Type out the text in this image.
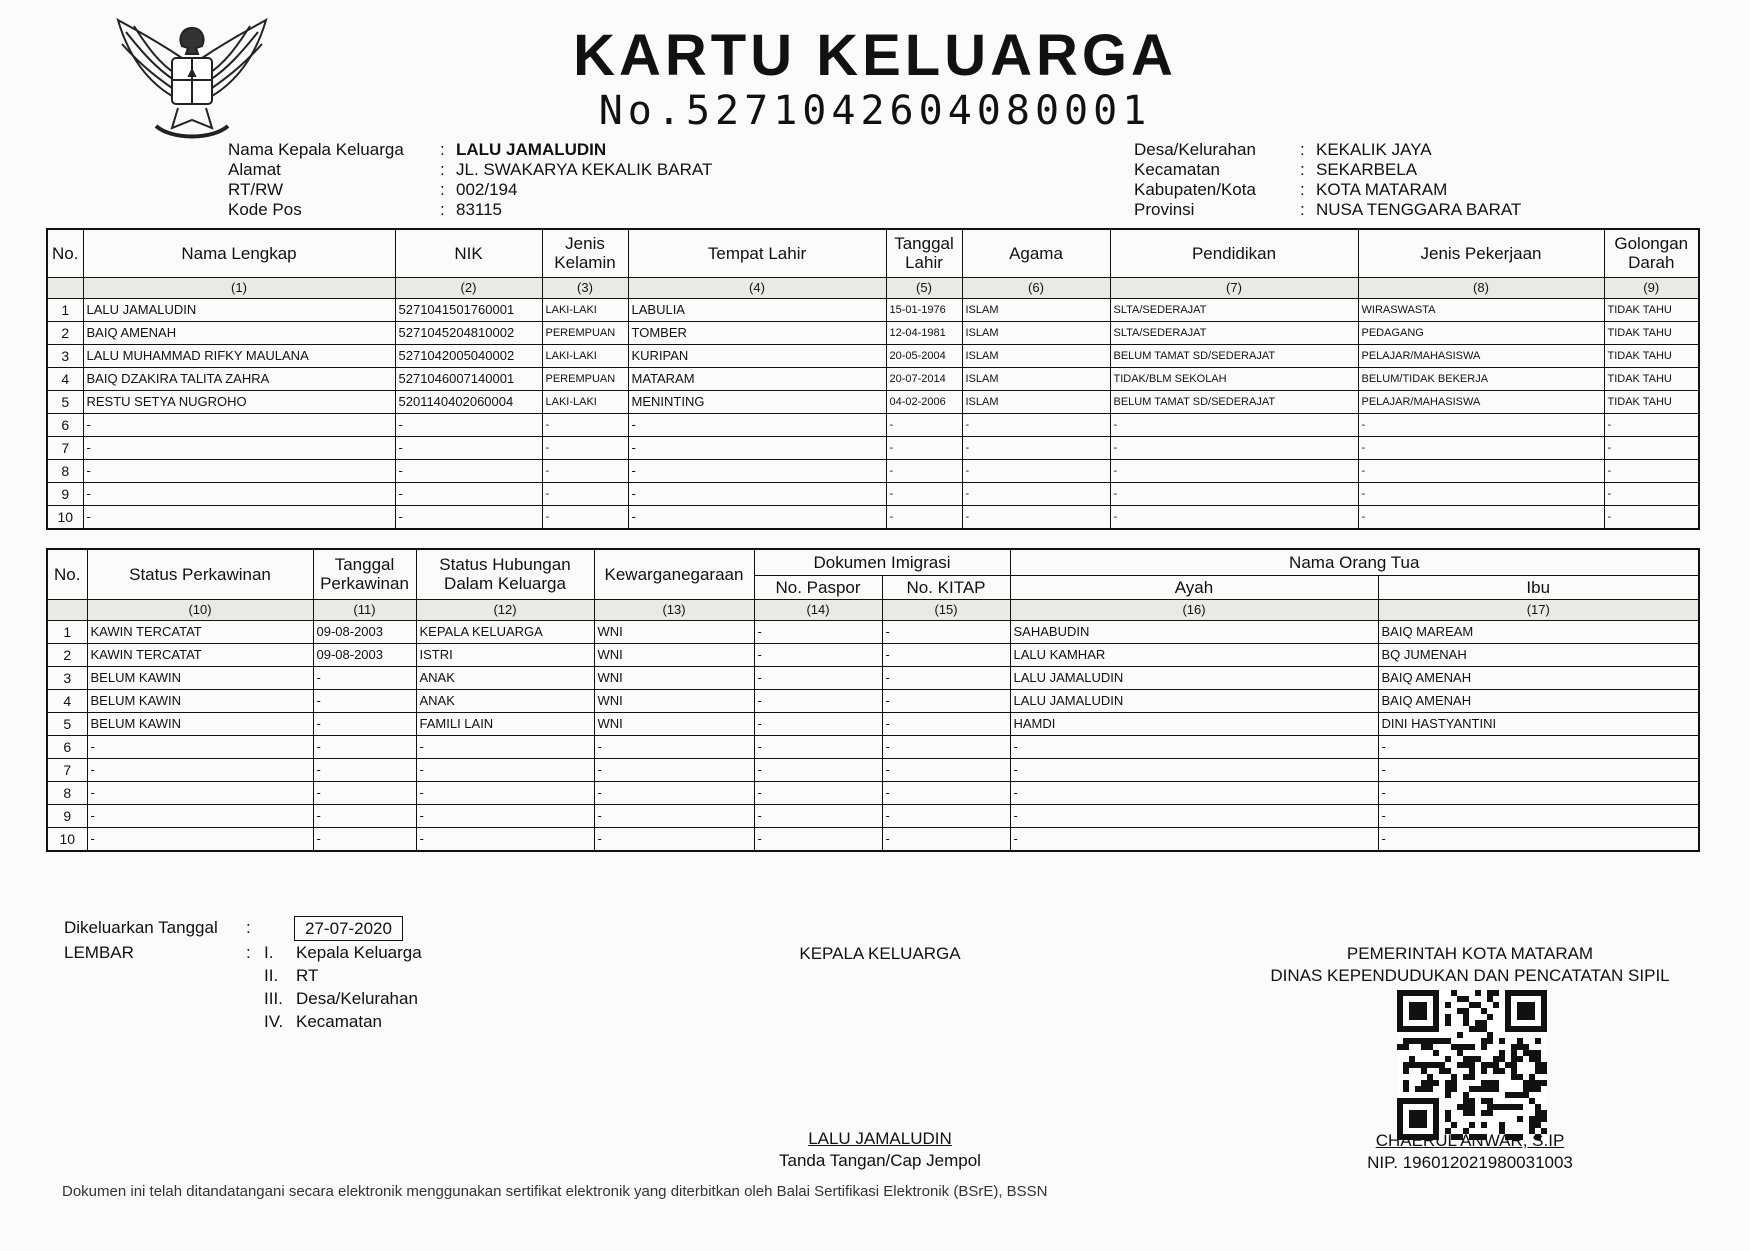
KARTU KELUARGA
No.5271042604080001
Nama Kepala Keluarga	: LALU JAMALUDIN
Alamat	: JL. SWAKARYA KEKALIK BARAT
RT/RW	: 002/194
Kode Pos	: 83115
Desa/Kelurahan	: KEKALIK JAYA
Kecamatan	: SEKARBELA
Kabupaten/Kota	: KOTA MATARAM
Provinsi	: NUSA TENGGARA BARAT
No.	Nama Lengkap	NIK	Jenis Kelamin	Tempat Lahir	Tanggal Lahir	Agama	Pendidikan	Jenis Pekerjaan	Golongan Darah
	(1)	(2)	(3)	(4)	(5)	(6)	(7)	(8)	(9)
1	LALU JAMALUDIN	5271041501760001	LAKI-LAKI	LABULIA	15-01-1976	ISLAM	SLTA/SEDERAJAT	WIRASWASTA	TIDAK TAHU
2	BAIQ AMENAH	5271045204810002	PEREMPUAN	TOMBER	12-04-1981	ISLAM	SLTA/SEDERAJAT	PEDAGANG	TIDAK TAHU
3	LALU MUHAMMAD RIFKY MAULANA	5271042005040002	LAKI-LAKI	KURIPAN	20-05-2004	ISLAM	BELUM TAMAT SD/SEDERAJAT	PELAJAR/MAHASISWA	TIDAK TAHU
4	BAIQ DZAKIRA TALITA ZAHRA	5271046007140001	PEREMPUAN	MATARAM	20-07-2014	ISLAM	TIDAK/BLM SEKOLAH	BELUM/TIDAK BEKERJA	TIDAK TAHU
5	RESTU SETYA NUGROHO	5201140402060004	LAKI-LAKI	MENINTING	04-02-2006	ISLAM	BELUM TAMAT SD/SEDERAJAT	PELAJAR/MAHASISWA	TIDAK TAHU
6	-	-	-	-	-	-	-	-	-
7	-	-	-	-	-	-	-	-	-
8	-	-	-	-	-	-	-	-	-
9	-	-	-	-	-	-	-	-	-
10	-	-	-	-	-	-	-	-	-
No.	Status Perkawinan	Tanggal Perkawinan	Status Hubungan Dalam Keluarga	Kewarganegaraan	Dokumen Imigrasi		Nama Orang Tua	
					No. Paspor	No. KITAP	Ayah	Ibu
	(10)	(11)	(12)	(13)	(14)	(15)	(16)	(17)
1	KAWIN TERCATAT	09-08-2003	KEPALA KELUARGA	WNI	-	-	SAHABUDIN	BAIQ MAREAM
2	KAWIN TERCATAT	09-08-2003	ISTRI	WNI	-	-	LALU KAMHAR	BQ JUMENAH
3	BELUM KAWIN	-	ANAK	WNI	-	-	LALU JAMALUDIN	BAIQ AMENAH
4	BELUM KAWIN	-	ANAK	WNI	-	-	LALU JAMALUDIN	BAIQ AMENAH
5	BELUM KAWIN	-	FAMILI LAIN	WNI	-	-	HAMDI	DINI HASTYANTINI
6	-	-	-	-	-	-	-	-
7	-	-	-	-	-	-	-	-
8	-	-	-	-	-	-	-	-
9	-	-	-	-	-	-	-	-
10	-	-	-	-	-	-	-	-
Dikeluarkan Tanggal	:	27-07-2020
LEMBAR	: I.	Kepala Keluarga
II.	RT
III. Desa/Kelurahan
IV. Kecamatan
KEPALA KELUARGA
LALU JAMALUDIN
Tanda Tangan/Cap Jempol
PEMERINTAH KOTA MATARAM
DINAS KEPENDUDUKAN DAN PENCATATAN SIPIL
CHAERUL ANWAR, S.IP
NIP. 196012021980031003
Dokumen ini telah ditandatangani secara elektronik menggunakan sertifikat elektronik yang diterbitkan oleh Balai Sertifikasi Elektronik (BSrE), BSSN
